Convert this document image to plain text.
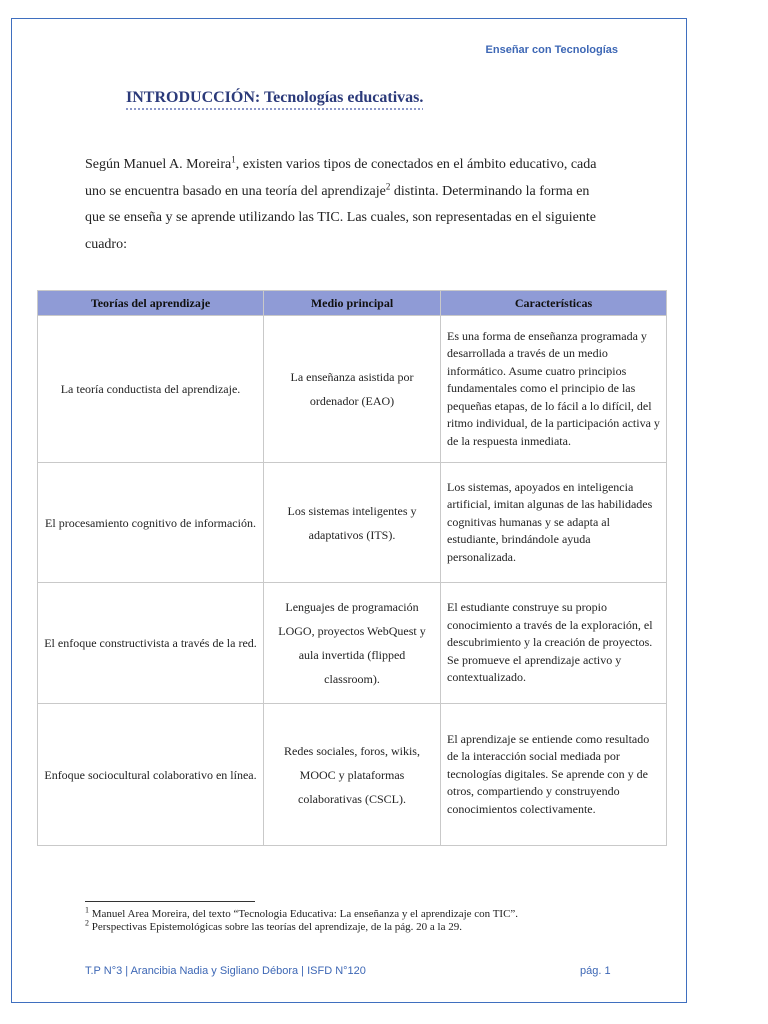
Enseñar con Tecnologías
INTRODUCCIÓN: Tecnologías educativas.

Según Manuel A. Moreira$^1$, existen varios tipos de conectados en el ámbito educativo, cada uno se encuentra basado en una teoría del aprendizaje$^2$ distinta. Determinando la forma en que se enseña y se aprende utilizando las TIC. Las cuales, son representadas en el siguiente cuadro:

Teorías del aprendizaje	Medio principal	Características
La teoría conductista del aprendizaje.	La enseñanza asistida por ordenador (EAO)	Es una forma de enseñanza programada y desarrollada a través de un medio informático. Asume cuatro principios fundamentales como el principio de las pequeñas etapas, de lo fácil a lo difícil, del ritmo individual, de la participación activa y de la respuesta inmediata.
El procesamiento cognitivo de información.	Los sistemas inteligentes y adaptativos (ITS).	Los sistemas, apoyados en inteligencia artificial, imitan algunas de las habilidades cognitivas humanas y se adapta al estudiante, brindándole ayuda personalizada.
El enfoque constructivista a través de la red.	Lenguajes de programación LOGO, proyectos WebQuest y aula invertida (flipped classroom).	El estudiante construye su propio conocimiento a través de la exploración, el descubrimiento y la creación de proyectos. Se promueve el aprendizaje activo y contextualizado.
Enfoque sociocultural colaborativo en línea.	Redes sociales, foros, wikis, MOOC y plataformas colaborativas (CSCL).	El aprendizaje se entiende como resultado de la interacción social mediada por tecnologías digitales. Se aprende con y de otros, compartiendo y construyendo conocimientos colectivamente.
$^1$ Manuel Area Moreira, del texto “Tecnologia Educativa: La enseñanza y el aprendizaje con TIC”.
$^2$ Perspectivas Epistemológicas sobre las teorías del aprendizaje, de la pág. 20 a la 29.
T.P N°3 | Arancibia Nadia y Sigliano Débora | ISFD N°120	pág. 1
